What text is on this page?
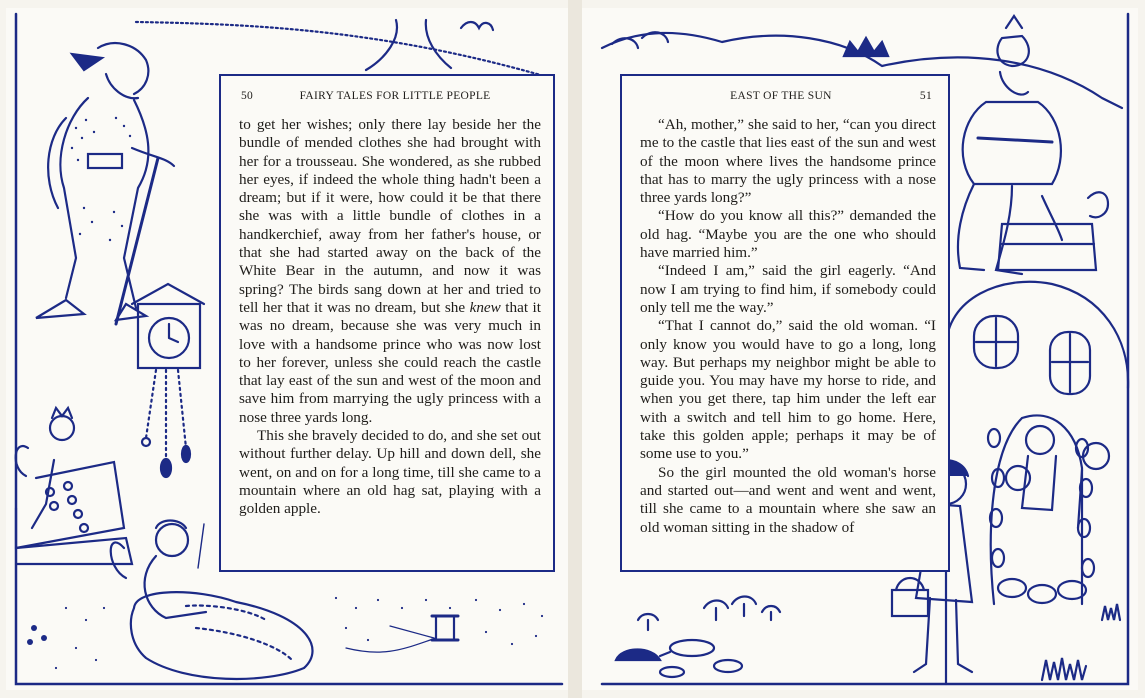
50	FAIRY TALES FOR LITTLE PEOPLE

to get her wishes; only there lay beside her the bundle of mended clothes she had brought with her for a trousseau. She wondered, as she rubbed her eyes, if indeed the whole thing hadn't been a dream; but if it were, how could it be that there she was with a little bundle of clothes in a handkerchief, away from her father's house, or that she had started away on the back of the White Bear in the autumn, and now it was spring? The birds sang down at her and tried to tell her that it was no dream, but she knew that it was no dream, because she was very much in love with a handsome prince who was now lost to her forever, unless she could reach the castle that lay east of the sun and west of the moon and save him from marrying the ugly princess with a nose three yards long.

This she bravely decided to do, and she set out without further delay. Up hill and down dell, she went, on and on for a long time, till she came to a mountain where an old hag sat, playing with a golden apple.

EAST OF THE SUN	51

“Ah, mother,” she said to her, “can you direct me to the castle that lies east of the sun and west of the moon where lives the handsome prince that has to marry the ugly princess with a nose three yards long?”

“How do you know all this?” demanded the old hag. “Maybe you are the one who should have married him.”

“Indeed I am,” said the girl eagerly. “And now I am trying to find him, if somebody could only tell me the way.”

“That I cannot do,” said the old woman. “I only know you would have to go a long, long way. But perhaps my neighbor might be able to guide you. You may have my horse to ride, and when you get there, tap him under the left ear with a switch and tell him to go home. Here, take this golden apple; perhaps it may be of some use to you.”

So the girl mounted the old woman's horse and started out—and went and went and went, till she came to a mountain where she saw an old woman sitting in the shadow of
